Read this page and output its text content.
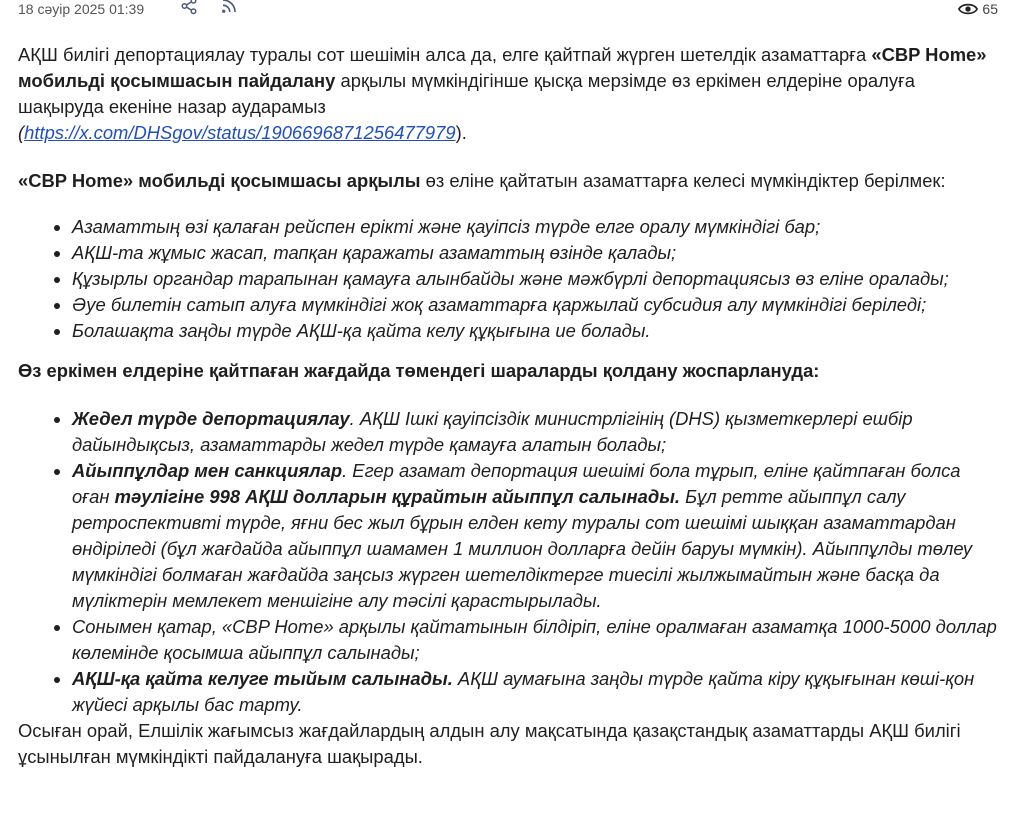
18 сәуір 2025 01:39	65

АҚШ билігі депортациялау туралы сот шешімін алса да, елге қайтпай жүрген шетелдік азаматтарға «CBP Home» мобильді қосымшасын пайдалану арқылы мүмкіндігінше қысқа мерзімде өз еркімен елдеріне оралуға шақыруда екеніне назар аударамыз
(https://x.com/DHSgov/status/1906696871256477979).

«CBP Home» мобильді қосымшасы арқылы өз еліне қайтатын азаматтарға келесі мүмкіндіктер берілмек:

• Азаматтың өзі қалаған рейспен ерікті және қауіпсіз түрде елге оралу мүмкіндігі бар;
• АҚШ-та жұмыс жасап, тапқан қаражаты азаматтың өзінде қалады;
• Құзырлы органдар тарапынан қамауға алынбайды және мәжбүрлі депортациясыз өз еліне оралады;
• Әуе билетін сатып алуға мүмкіндігі жоқ азаматтарға қаржылай субсидия алу мүмкіндігі беріледі;
• Болашақта заңды түрде АҚШ-қа қайта келу құқығына ие болады.

Өз еркімен елдеріне қайтпаған жағдайда төмендегі шараларды қолдану жоспарлануда:

• Жедел түрде депортациялау. АҚШ Ішкі қауіпсіздік министрлігінің (DHS) қызметкерлері ешбір дайындықсыз, азаматтарды жедел түрде қамауға алатын болады;
• Айыппұлдар мен санкциялар. Егер азамат депортация шешімі бола тұрып, еліне қайтпаған болса оған тәулігіне 998 АҚШ долларын құрайтын айыппұл салынады. Бұл ретте айыппұл салу ретроспективті түрде, яғни бес жыл бұрын елден кету туралы сот шешімі шыққан азаматтардан өндіріледі (бұл жағдайда айыппұл шамамен 1 миллион долларға дейін баруы мүмкін). Айыппұлды төлеу мүмкіндігі болмаған жағдайда заңсыз жүрген шетелдіктерге тиесілі жылжымайтын және басқа да мүліктерін мемлекет меншігіне алу тәсілі қарастырылады.
• Сонымен қатар, «CBP Home» арқылы қайтатынын білдіріп, еліне оралмаған азаматқа 1000-5000 доллар көлемінде қосымша айыппұл салынады;
• АҚШ-қа қайта келуге тыйым салынады. АҚШ аумағына заңды түрде қайта кіру құқығынан көші-қон жүйесі арқылы бас тарту.

Осыған орай, Елшілік жағымсыз жағдайлардың алдын алу мақсатында қазақстандық азаматтарды АҚШ билігі ұсынылған мүмкіндікті пайдалануға шақырады.
